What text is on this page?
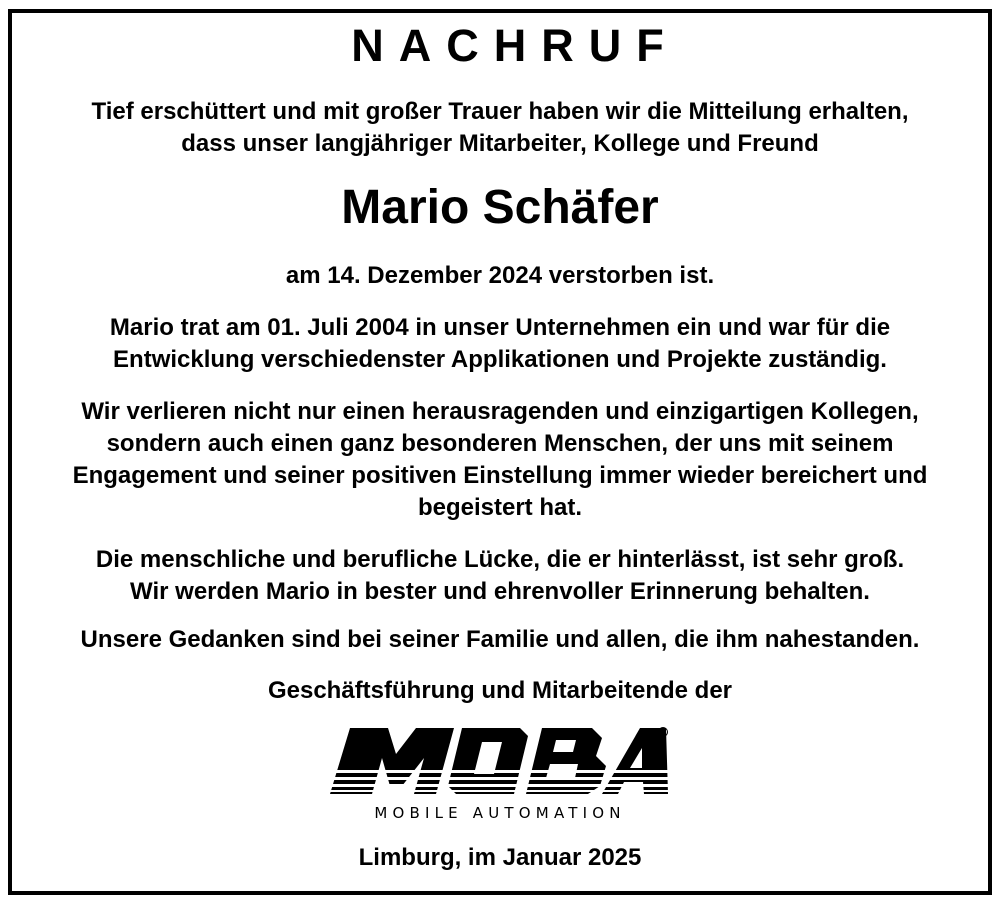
NACHRUF
Tief erschüttert und mit großer Trauer haben wir die Mitteilung erhalten,
dass unser langjähriger Mitarbeiter, Kollege und Freund
Mario Schäfer
am 14. Dezember 2024 verstorben ist.
Mario trat am 01. Juli 2004 in unser Unternehmen ein und war für die
Entwicklung verschiedenster Applikationen und Projekte zuständig.
Wir verlieren nicht nur einen herausragenden und einzigartigen Kollegen,
sondern auch einen ganz besonderen Menschen, der uns mit seinem
Engagement und seiner positiven Einstellung immer wieder bereichert und
begeistert hat.
Die menschliche und berufliche Lücke, die er hinterlässt, ist sehr groß.
Wir werden Mario in bester und ehrenvoller Erinnerung behalten.
Unsere Gedanken sind bei seiner Familie und allen, die ihm nahestanden.
Geschäftsführung und Mitarbeitende der
R
MOBILE AUTOMATION
Limburg, im Januar 2025
